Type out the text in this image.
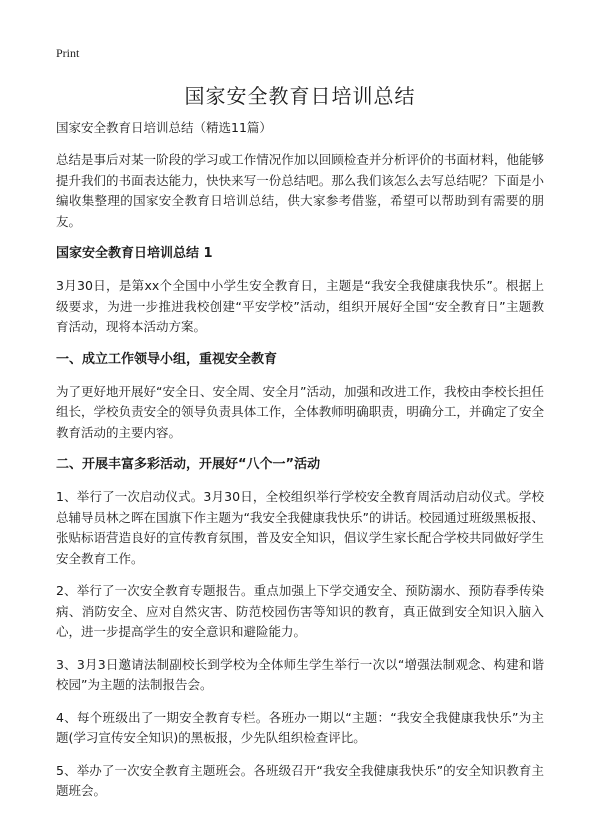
Print
国家安全教育日培训总结

国家安全教育日培训总结（精选11篇）

总结是事后对某一阶段的学习或工作情况作加以回顾检查并分析评价的书面材料，他能够提升我们的书面表达能力，快快来写一份总结吧。那么我们该怎么去写总结呢？下面是小编收集整理的国家安全教育日培训总结，供大家参考借鉴，希望可以帮助到有需要的朋友。

国家安全教育日培训总结 1

3月30日，是第xx个全国中小学生安全教育日，主题是“我安全我健康我快乐”。根据上级要求，为进一步推进我校创建“平安学校”活动，组织开展好全国“安全教育日”主题教育活动，现将本活动方案。

一、成立工作领导小组，重视安全教育

为了更好地开展好“安全日、安全周、安全月”活动，加强和改进工作，我校由李校长担任组长，学校负责安全的领导负责具体工作，全体教师明确职责，明确分工，并确定了安全教育活动的主要内容。

二、开展丰富多彩活动，开展好“八个一”活动

1、举行了一次启动仪式。3月30日，全校组织举行学校安全教育周活动启动仪式。学校总辅导员林之晖在国旗下作主题为“我安全我健康我快乐”的讲话。校园通过班级黑板报、张贴标语营造良好的宣传教育氛围，普及安全知识，倡议学生家长配合学校共同做好学生安全教育工作。

2、举行了一次安全教育专题报告。重点加强上下学交通安全、预防溺水、预防春季传染病、消防安全、应对自然灾害、防范校园伤害等知识的教育，真正做到安全知识入脑入心，进一步提高学生的安全意识和避险能力。

3、3月3日邀请法制副校长到学校为全体师生学生举行一次以“增强法制观念、构建和谐校园”为主题的法制报告会。

4、每个班级出了一期安全教育专栏。各班办一期以“主题：“我安全我健康我快乐”为主题(学习宣传安全知识)的黑板报，少先队组织检查评比。

5、举办了一次安全教育主题班会。各班级召开“我安全我健康我快乐”的安全知识教育主题班会。
